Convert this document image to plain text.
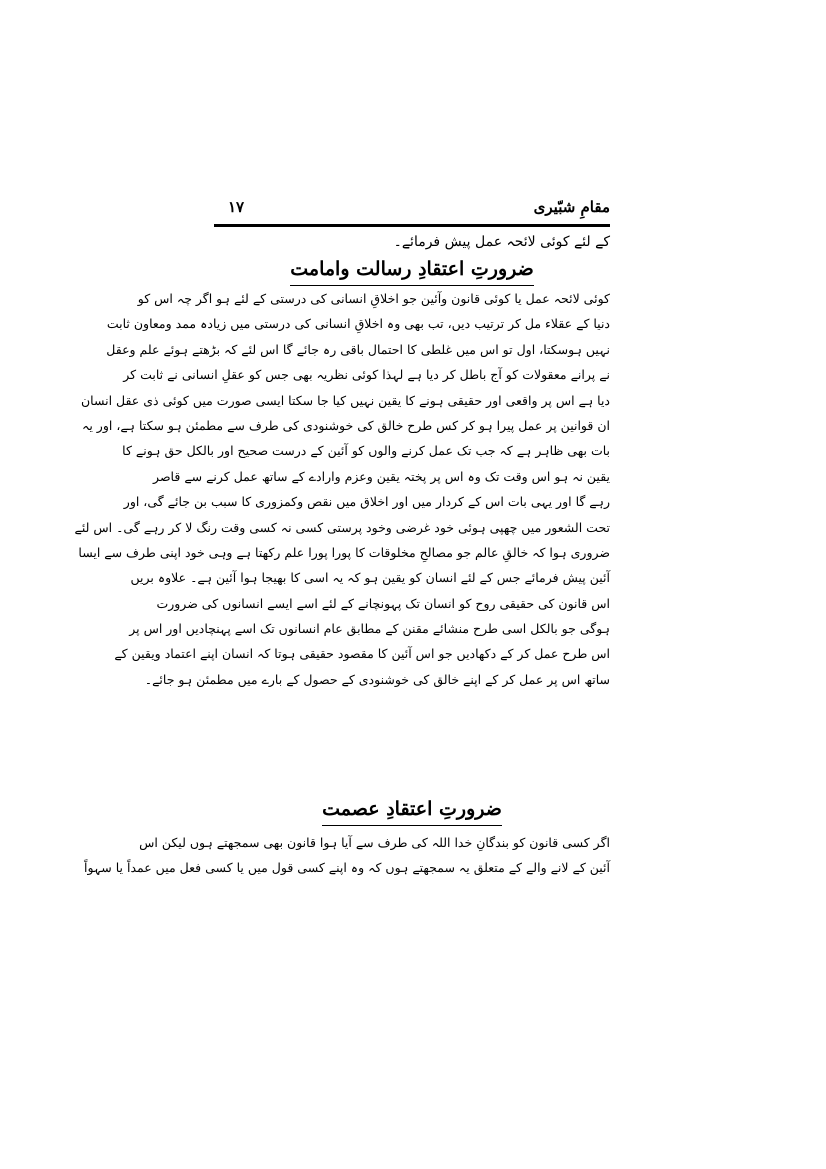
مقامِ شبّیری
۱۷
کے لئے کوئی لائحہ عمل پیش فرمائے۔
ضرورتِ اعتقادِ رسالت وامامت
کوئی لائحہ عمل یا کوئی قانون وآئین جو اخلاقِ انسانی کی درستی کے لئے ہو اگر چہ اس کو
دنیا کے عقلاء مل کر ترتیب دیں، تب بھی وہ اخلاقِ انسانی کی درستی میں زیادہ ممد ومعاون ثابت
نہیں ہوسکتا، اول تو اس میں غلطی کا احتمال باقی رہ جائے گا اس لئے کہ بڑھتے ہوئے علم وعقل
نے پرانے معقولات کو آج باطل کر دیا ہے لہذا کوئی نظریہ بھی جس کو عقلِ انسانی نے ثابت کر
دیا ہے اس پر واقعی اور حقیقی ہونے کا یقین نہیں کیا جا سکتا ایسی صورت میں کوئی ذی عقل انسان
ان قوانین پر عمل پیرا ہو کر کس طرح خالق کی خوشنودی کی طرف سے مطمئن ہو سکتا ہے، اور یہ
بات بھی ظاہر ہے کہ جب تک عمل کرنے والوں کو آئین کے درست صحیح اور بالکل حق ہونے کا
یقین نہ ہو اس وقت تک وہ اس پر پختہ یقین وعزم وارادے کے ساتھ عمل کرنے سے قاصر
رہے گا اور یہی بات اس کے کردار میں اور اخلاق میں نقص وکمزوری کا سبب بن جائے گی، اور
تحت الشعور میں چھپی ہوئی خود غرضی وخود پرستی کسی نہ کسی وقت رنگ لا کر رہے گی۔ اس لئے
ضروری ہوا کہ خالقِ عالم جو مصالحِ مخلوقات کا پورا پورا علم رکھتا ہے وہی خود اپنی طرف سے ایسا
آئین پیش فرمائے جس کے لئے انسان کو یقین ہو کہ یہ اسی کا بھیجا ہوا آئین ہے۔ علاوہ بریں
اس قانون کی حقیقی روح کو انسان تک پہونچانے کے لئے اسے ایسے انسانوں کی ضرورت
ہوگی جو بالکل اسی طرح منشائے مقنن کے مطابق عام انسانوں تک اسے پہنچادیں اور اس پر
اس طرح عمل کر کے دکھادیں جو اس آئین کا مقصود حقیقی ہوتا کہ انسان اپنے اعتماد ویقین کے
ساتھ اس پر عمل کر کے اپنے خالق کی خوشنودی کے حصول کے بارے میں مطمئن ہو جائے۔
ضرورتِ اعتقادِ عصمت
اگر کسی قانون کو بندگانِ خدا اللہ کی طرف سے آیا ہوا قانون بھی سمجھتے ہوں لیکن اس
آئین کے لانے والے کے متعلق یہ سمجھتے ہوں کہ وہ اپنے کسی قول میں یا کسی فعل میں عمداً یا سہواً
